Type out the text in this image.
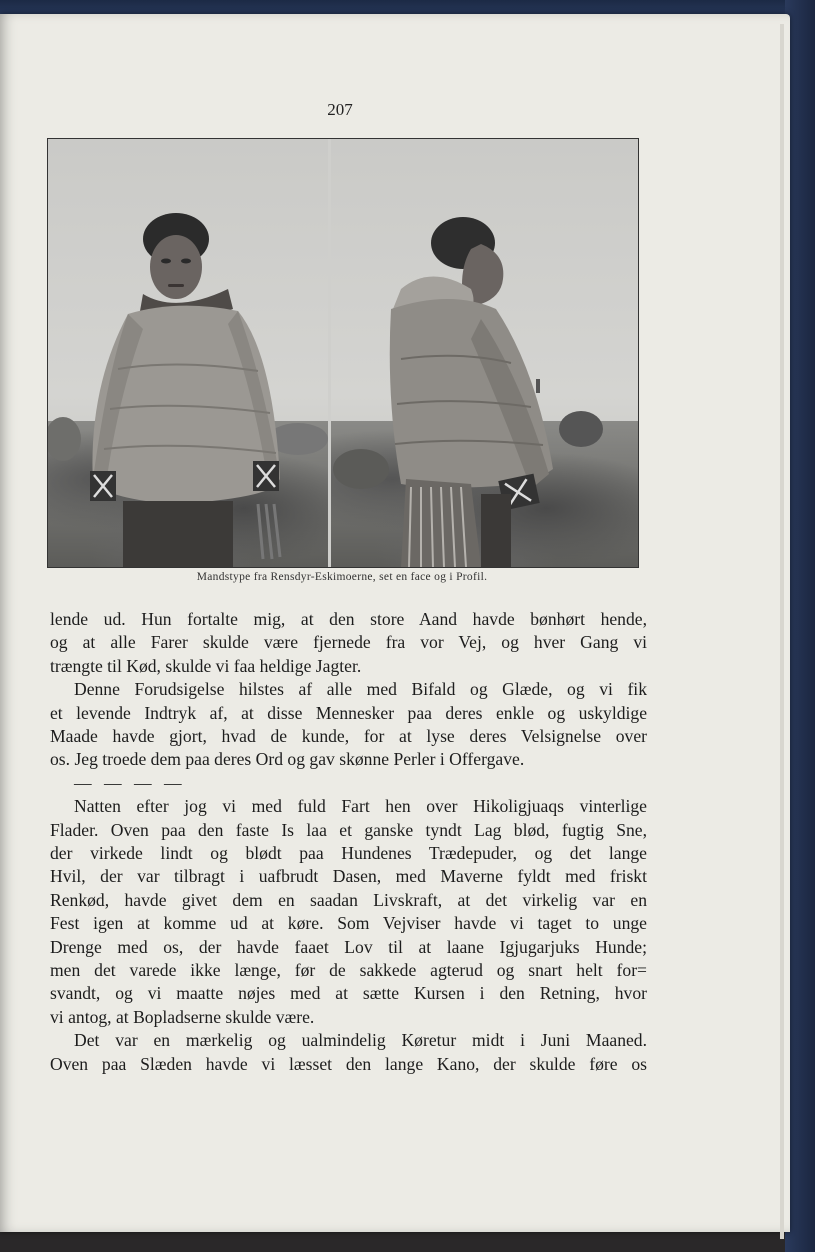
207
Mandstype fra Rensdyr-Eskimoerne, set en face og i Profil.

lende ud. Hun fortalte mig, at den store Aand havde bønhørt hende,
og at alle Farer skulde være fjernede fra vor Vej, og hver Gang vi
trængte til Kød, skulde vi faa heldige Jagter.

Denne Forudsigelse hilstes af alle med Bifald og Glæde, og vi fik
et levende Indtryk af, at disse Mennesker paa deres enkle og uskyldige
Maade havde gjort, hvad de kunde, for at lyse deres Velsignelse over
os. Jeg troede dem paa deres Ord og gav skønne Perler i Offergave.

— — — —

Natten efter jog vi med fuld Fart hen over Hikoligjuaqs vinterlige
Flader. Oven paa den faste Is laa et ganske tyndt Lag blød, fugtig Sne,
der virkede lindt og blødt paa Hundenes Trædepuder, og det lange
Hvil, der var tilbragt i uafbrudt Dasen, med Maverne fyldt med friskt
Renkød, havde givet dem en saadan Livskraft, at det virkelig var en
Fest igen at komme ud at køre. Som Vejviser havde vi taget to unge
Drenge med os, der havde faaet Lov til at laane Igjugarjuks Hunde;
men det varede ikke længe, før de sakkede agterud og snart helt for=
svandt, og vi maatte nøjes med at sætte Kursen i den Retning, hvor
vi antog, at Bopladserne skulde være.

Det var en mærkelig og ualmindelig Køretur midt i Juni Maaned.
Oven paa Slæden havde vi læsset den lange Kano, der skulde føre os
